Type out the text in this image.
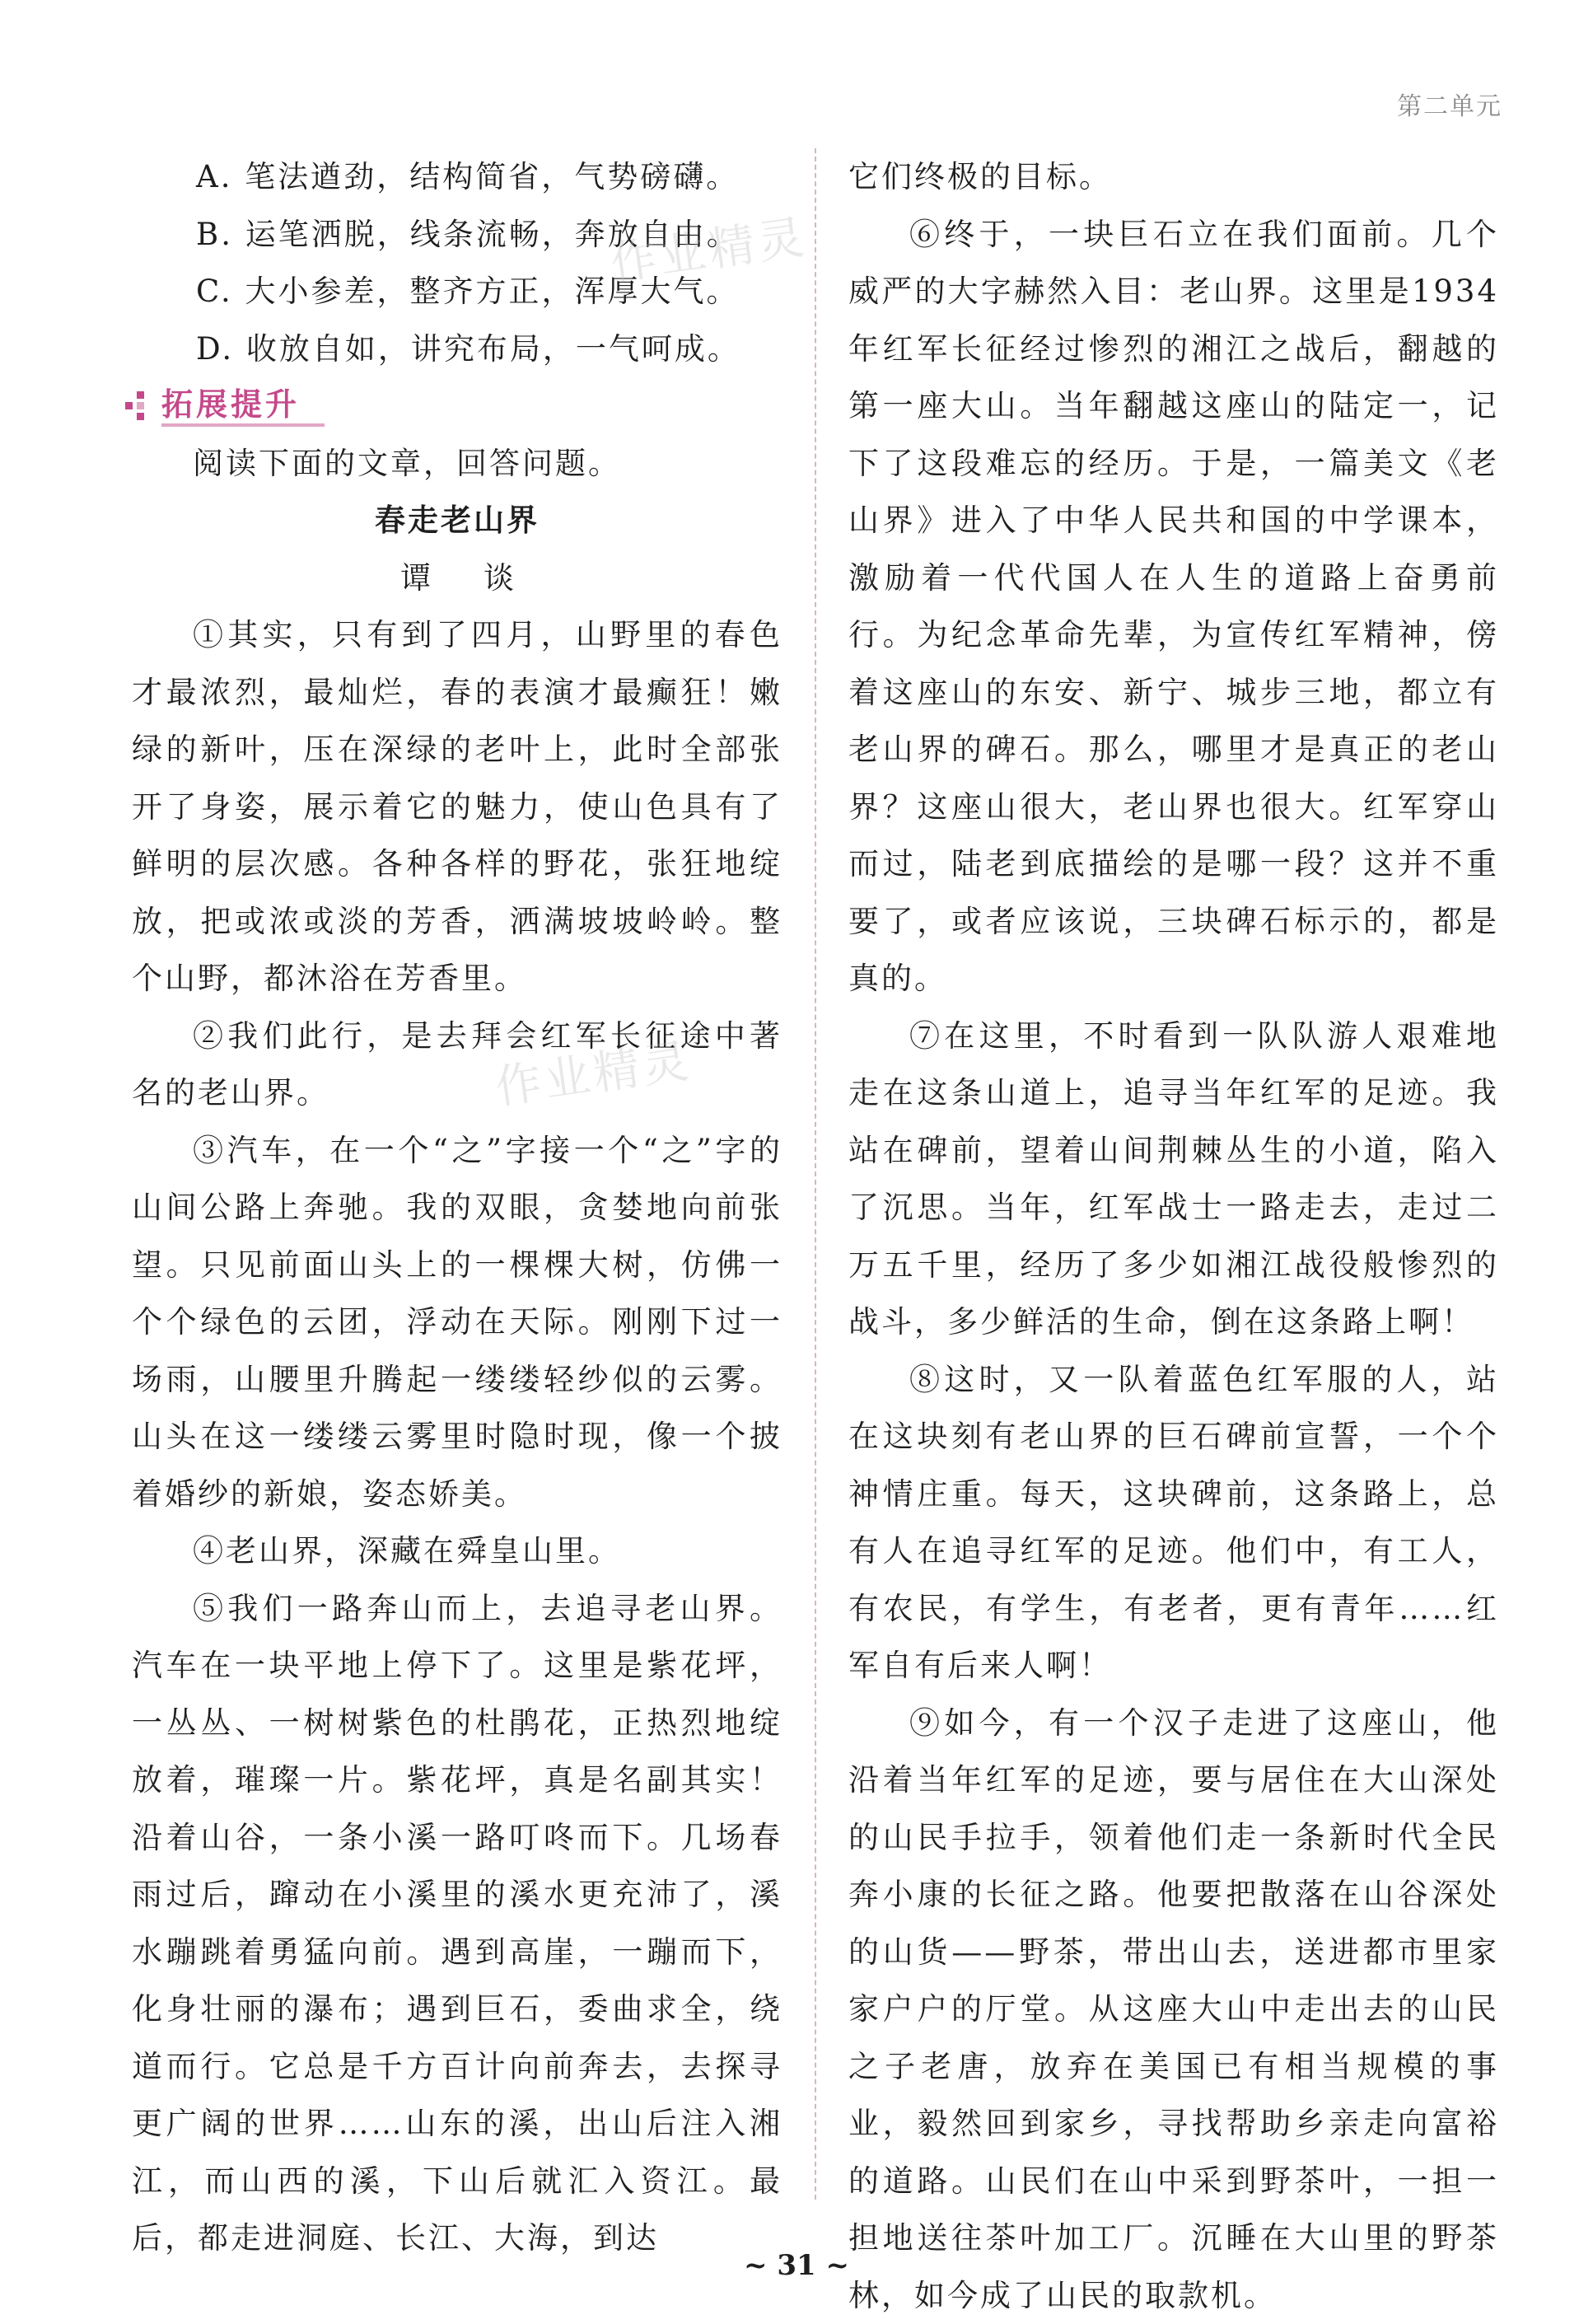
第二单元
A. 笔法遒劲，结构简省，气势磅礴。
B. 运笔洒脱，线条流畅，奔放自由。
C. 大小参差，整齐方正，浑厚大气。
D. 收放自如，讲究布局，一气呵成。
拓展提升
阅读下面的文章，回答问题。
春走老山界
谭 谈
①其实，只有到了四月，山野里的春色才最浓烈，最灿烂，春的表演才最癫狂！嫩绿的新叶，压在深绿的老叶上，此时全部张开了身姿，展示着它的魅力，使山色具有了鲜明的层次感。各种各样的野花，张狂地绽放，把或浓或淡的芳香，洒满坡坡岭岭。整个山野，都沐浴在芳香里。
②我们此行，是去拜会红军长征途中著名的老山界。
③汽车，在一个“之”字接一个“之”字的山间公路上奔驰。我的双眼，贪婪地向前张望。只见前面山头上的一棵棵大树，仿佛一个个绿色的云团，浮动在天际。刚刚下过一场雨，山腰里升腾起一缕缕轻纱似的云雾。山头在这一缕缕云雾里时隐时现，像一个披着婚纱的新娘，姿态娇美。
④老山界，深藏在舜皇山里。
⑤我们一路奔山而上，去追寻老山界。汽车在一块平地上停下了。这里是紫花坪，一丛丛、一树树紫色的杜鹃花，正热烈地绽放着，璀璨一片。紫花坪，真是名副其实！沿着山谷，一条小溪一路叮咚而下。几场春雨过后，蹿动在小溪里的溪水更充沛了，溪水蹦跳着勇猛向前。遇到高崖，一蹦而下，化身壮丽的瀑布；遇到巨石，委曲求全，绕道而行。它总是千方百计向前奔去，去探寻更广阔的世界……山东的溪，出山后注入湘江，而山西的溪，下山后就汇入资江。最后，都走进洞庭、长江、大海，到达
它们终极的目标。
⑥终于，一块巨石立在我们面前。几个威严的大字赫然入目：老山界。这里是1934年红军长征经过惨烈的湘江之战后，翻越的第一座大山。当年翻越这座山的陆定一，记下了这段难忘的经历。于是，一篇美文《老山界》进入了中华人民共和国的中学课本，激励着一代代国人在人生的道路上奋勇前行。为纪念革命先辈，为宣传红军精神，傍着这座山的东安、新宁、城步三地，都立有老山界的碑石。那么，哪里才是真正的老山界？这座山很大，老山界也很大。红军穿山而过，陆老到底描绘的是哪一段？这并不重要了，或者应该说，三块碑石标示的，都是真的。
⑦在这里，不时看到一队队游人艰难地走在这条山道上，追寻当年红军的足迹。我站在碑前，望着山间荆棘丛生的小道，陷入了沉思。当年，红军战士一路走去，走过二万五千里，经历了多少如湘江战役般惨烈的战斗，多少鲜活的生命，倒在这条路上啊！
⑧这时，又一队着蓝色红军服的人，站在这块刻有老山界的巨石碑前宣誓，一个个神情庄重。每天，这块碑前，这条路上，总有人在追寻红军的足迹。他们中，有工人，有农民，有学生，有老者，更有青年……红军自有后来人啊！
⑨如今，有一个汉子走进了这座山，他沿着当年红军的足迹，要与居住在大山深处的山民手拉手，领着他们走一条新时代全民奔小康的长征之路。他要把散落在山谷深处的山货——野茶，带出山去，送进都市里家家户户的厅堂。从这座大山中走出去的山民之子老唐，放弃在美国已有相当规模的事业，毅然回到家乡，寻找帮助乡亲走向富裕的道路。山民们在山中采到野茶叶，一担一担地送往茶叶加工厂。沉睡在大山里的野茶林，如今成了山民的取款机。
作业精灵
作业精灵
~ 31 ~
